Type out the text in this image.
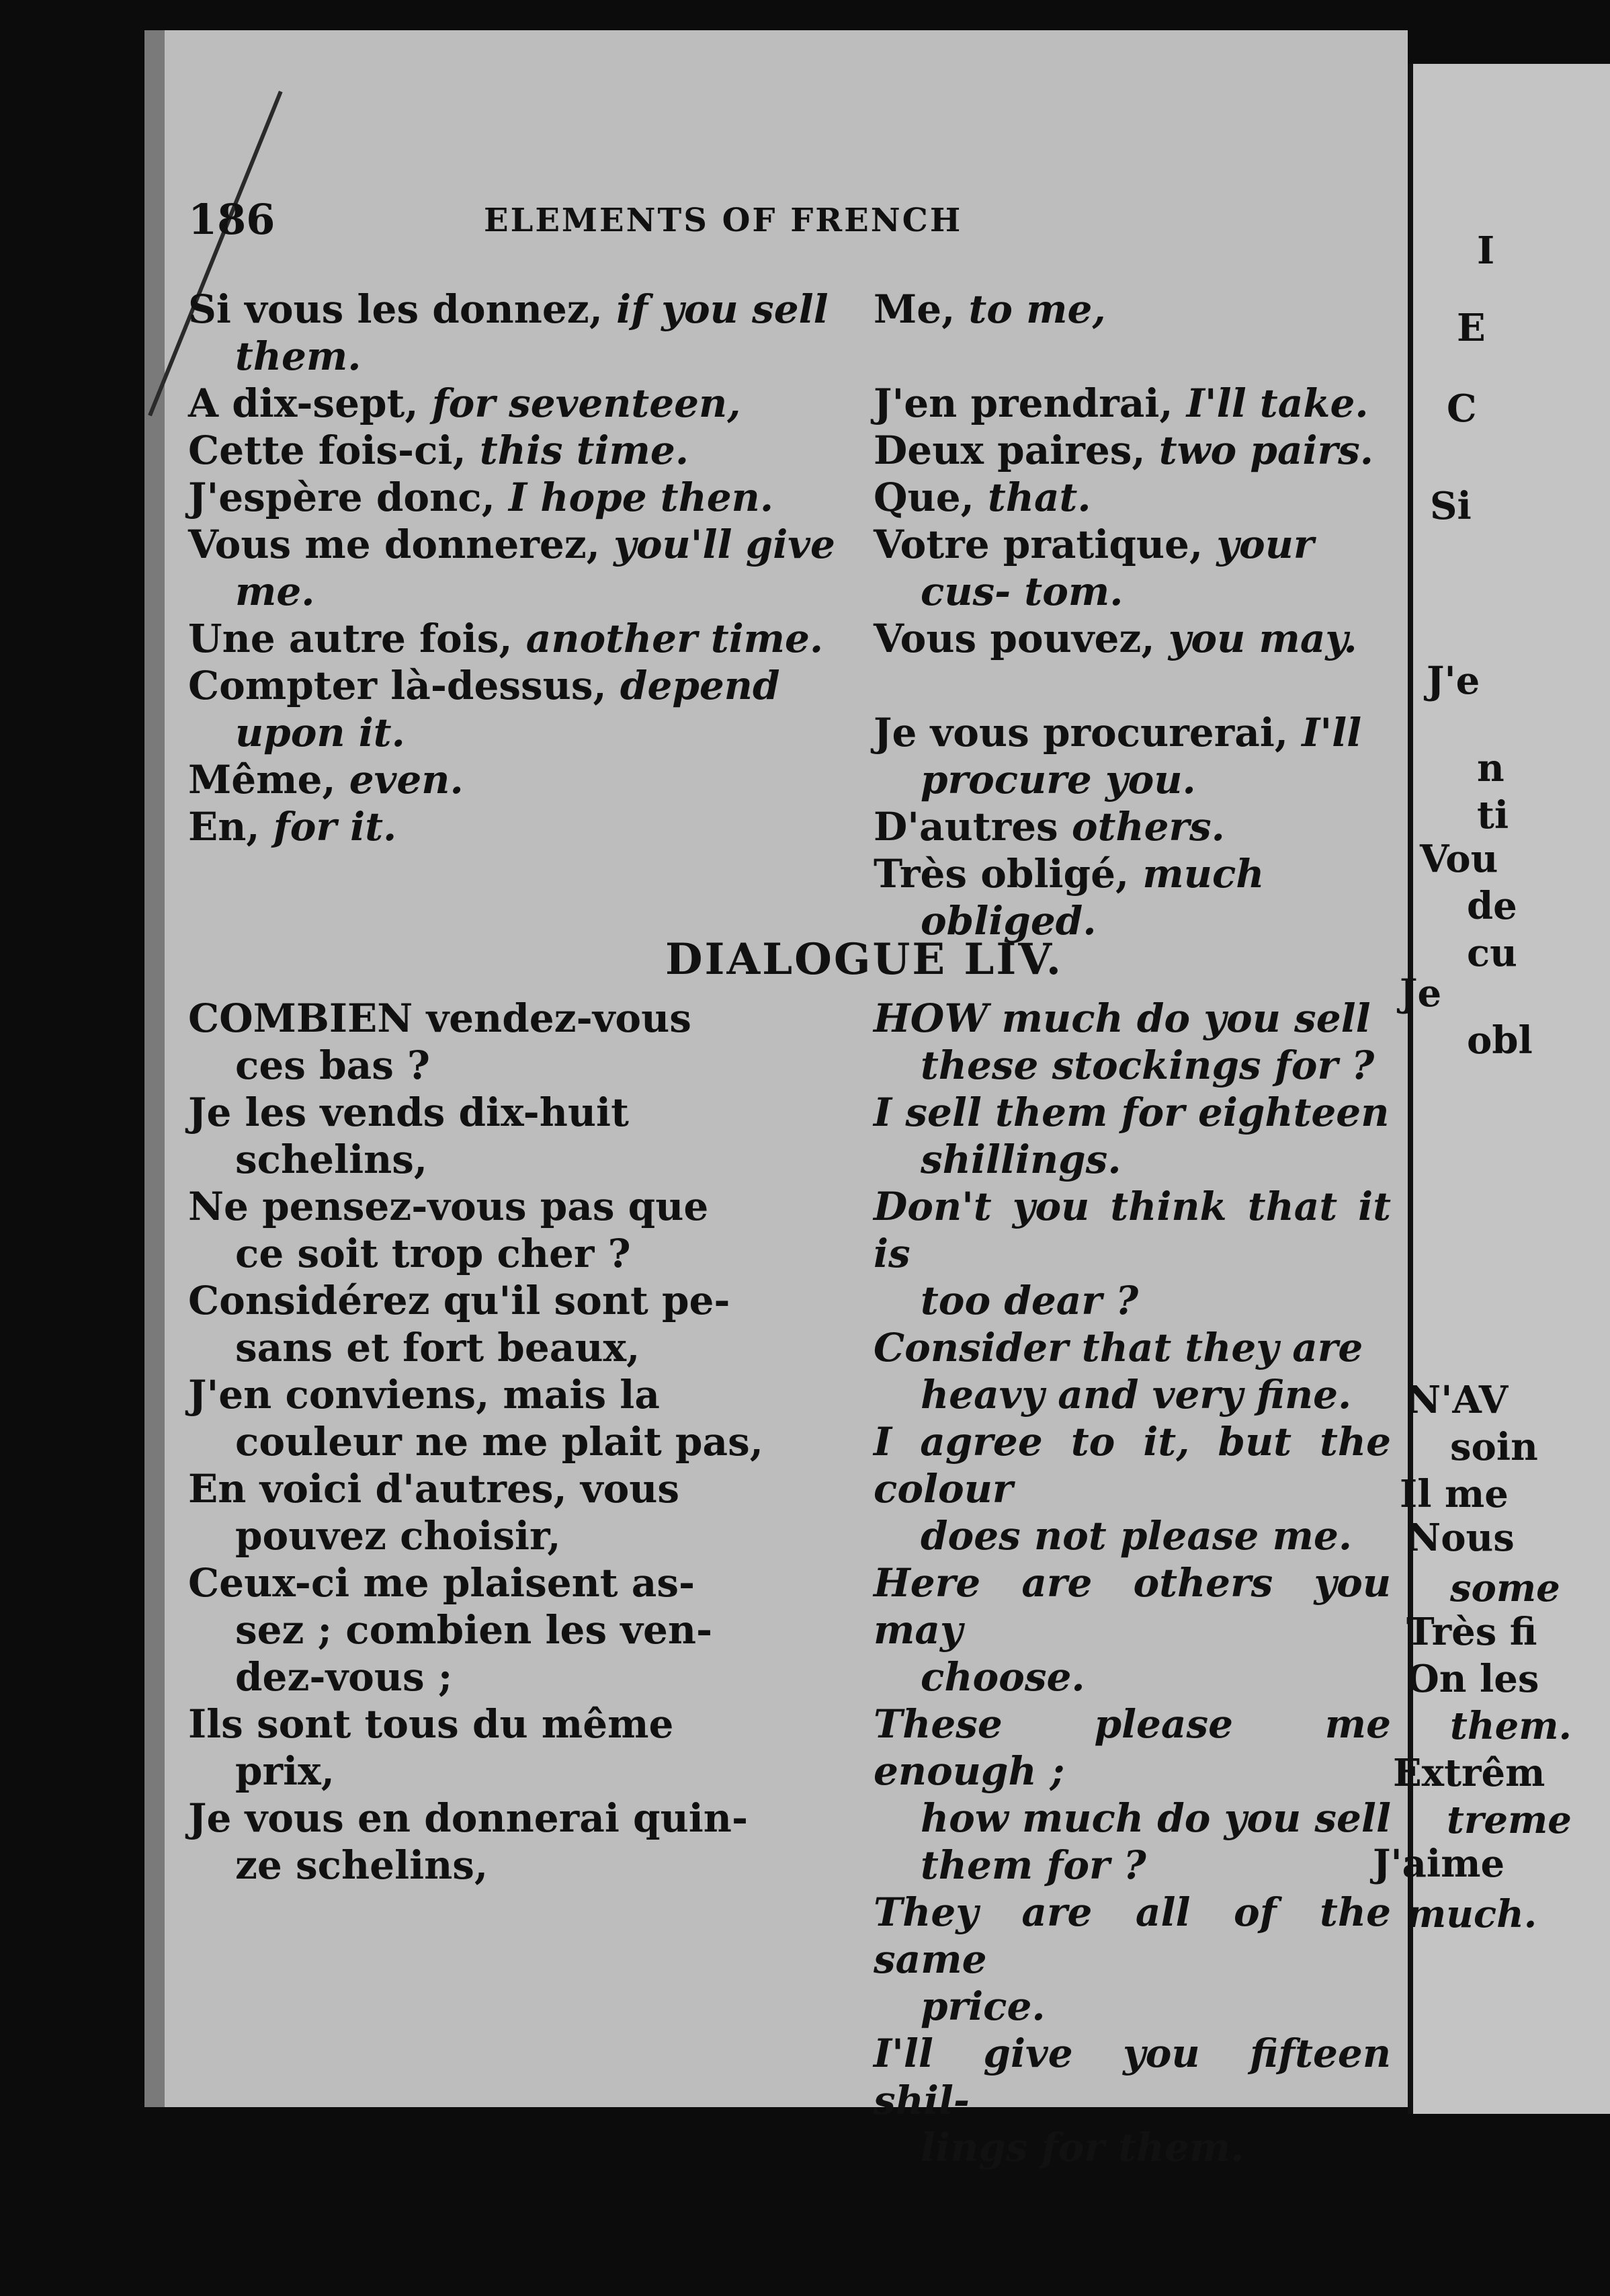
I
E
C
Si
J'e
n
ti
Vou
de
cu
Je
obl
N'AV
soin
Il me
Nous
some
Très fi
On les
them.
Extrêm
treme
J'aime
much.
186	ELEMENTS OF FRENCH
Si vous les donnez, if you sell them.
A dix-sept, for seventeen,
Cette fois-ci, this time.
J'espère donc, I hope then.
Vous me donnerez, you'll give me.
Une autre fois, another time.
Compter là-dessus, depend upon it.
Même, even.
En, for it.
Me, to me,
J'en prendrai, I'll take.
Deux paires, two pairs.
Que, that.
Votre pratique, your cus- tom.
Vous pouvez, you may.
Je vous procurerai, I'll procure you.
D'autres others.
Très obligé, much obliged.
DIALOGUE LIV.
COMBIEN vendez-vous
ces bas ?
Je les vends dix-huit
schelins,
Ne pensez-vous pas que
ce soit trop cher ?
Considérez qu'il sont pe-
sans et fort beaux,
J'en conviens, mais la
couleur ne me plait pas,
En voici d'autres, vous
pouvez choisir,
Ceux-ci me plaisent as-
sez ; combien les ven-
dez-vous ;
Ils sont tous du même
prix,
Je vous en donnerai quin-
ze schelins,
HOW much do you sell
these stockings for ?
I sell them for eighteen
shillings.
Don't you think that it is
too dear ?
Consider that they are
heavy and very fine.
I agree to it, but the colour
does not please me.
Here are others you may
choose.
These please me enough ;
how much do you sell
them for ?
They are all of the same
price.
I'll give you fifteen shil-
lings for them.
